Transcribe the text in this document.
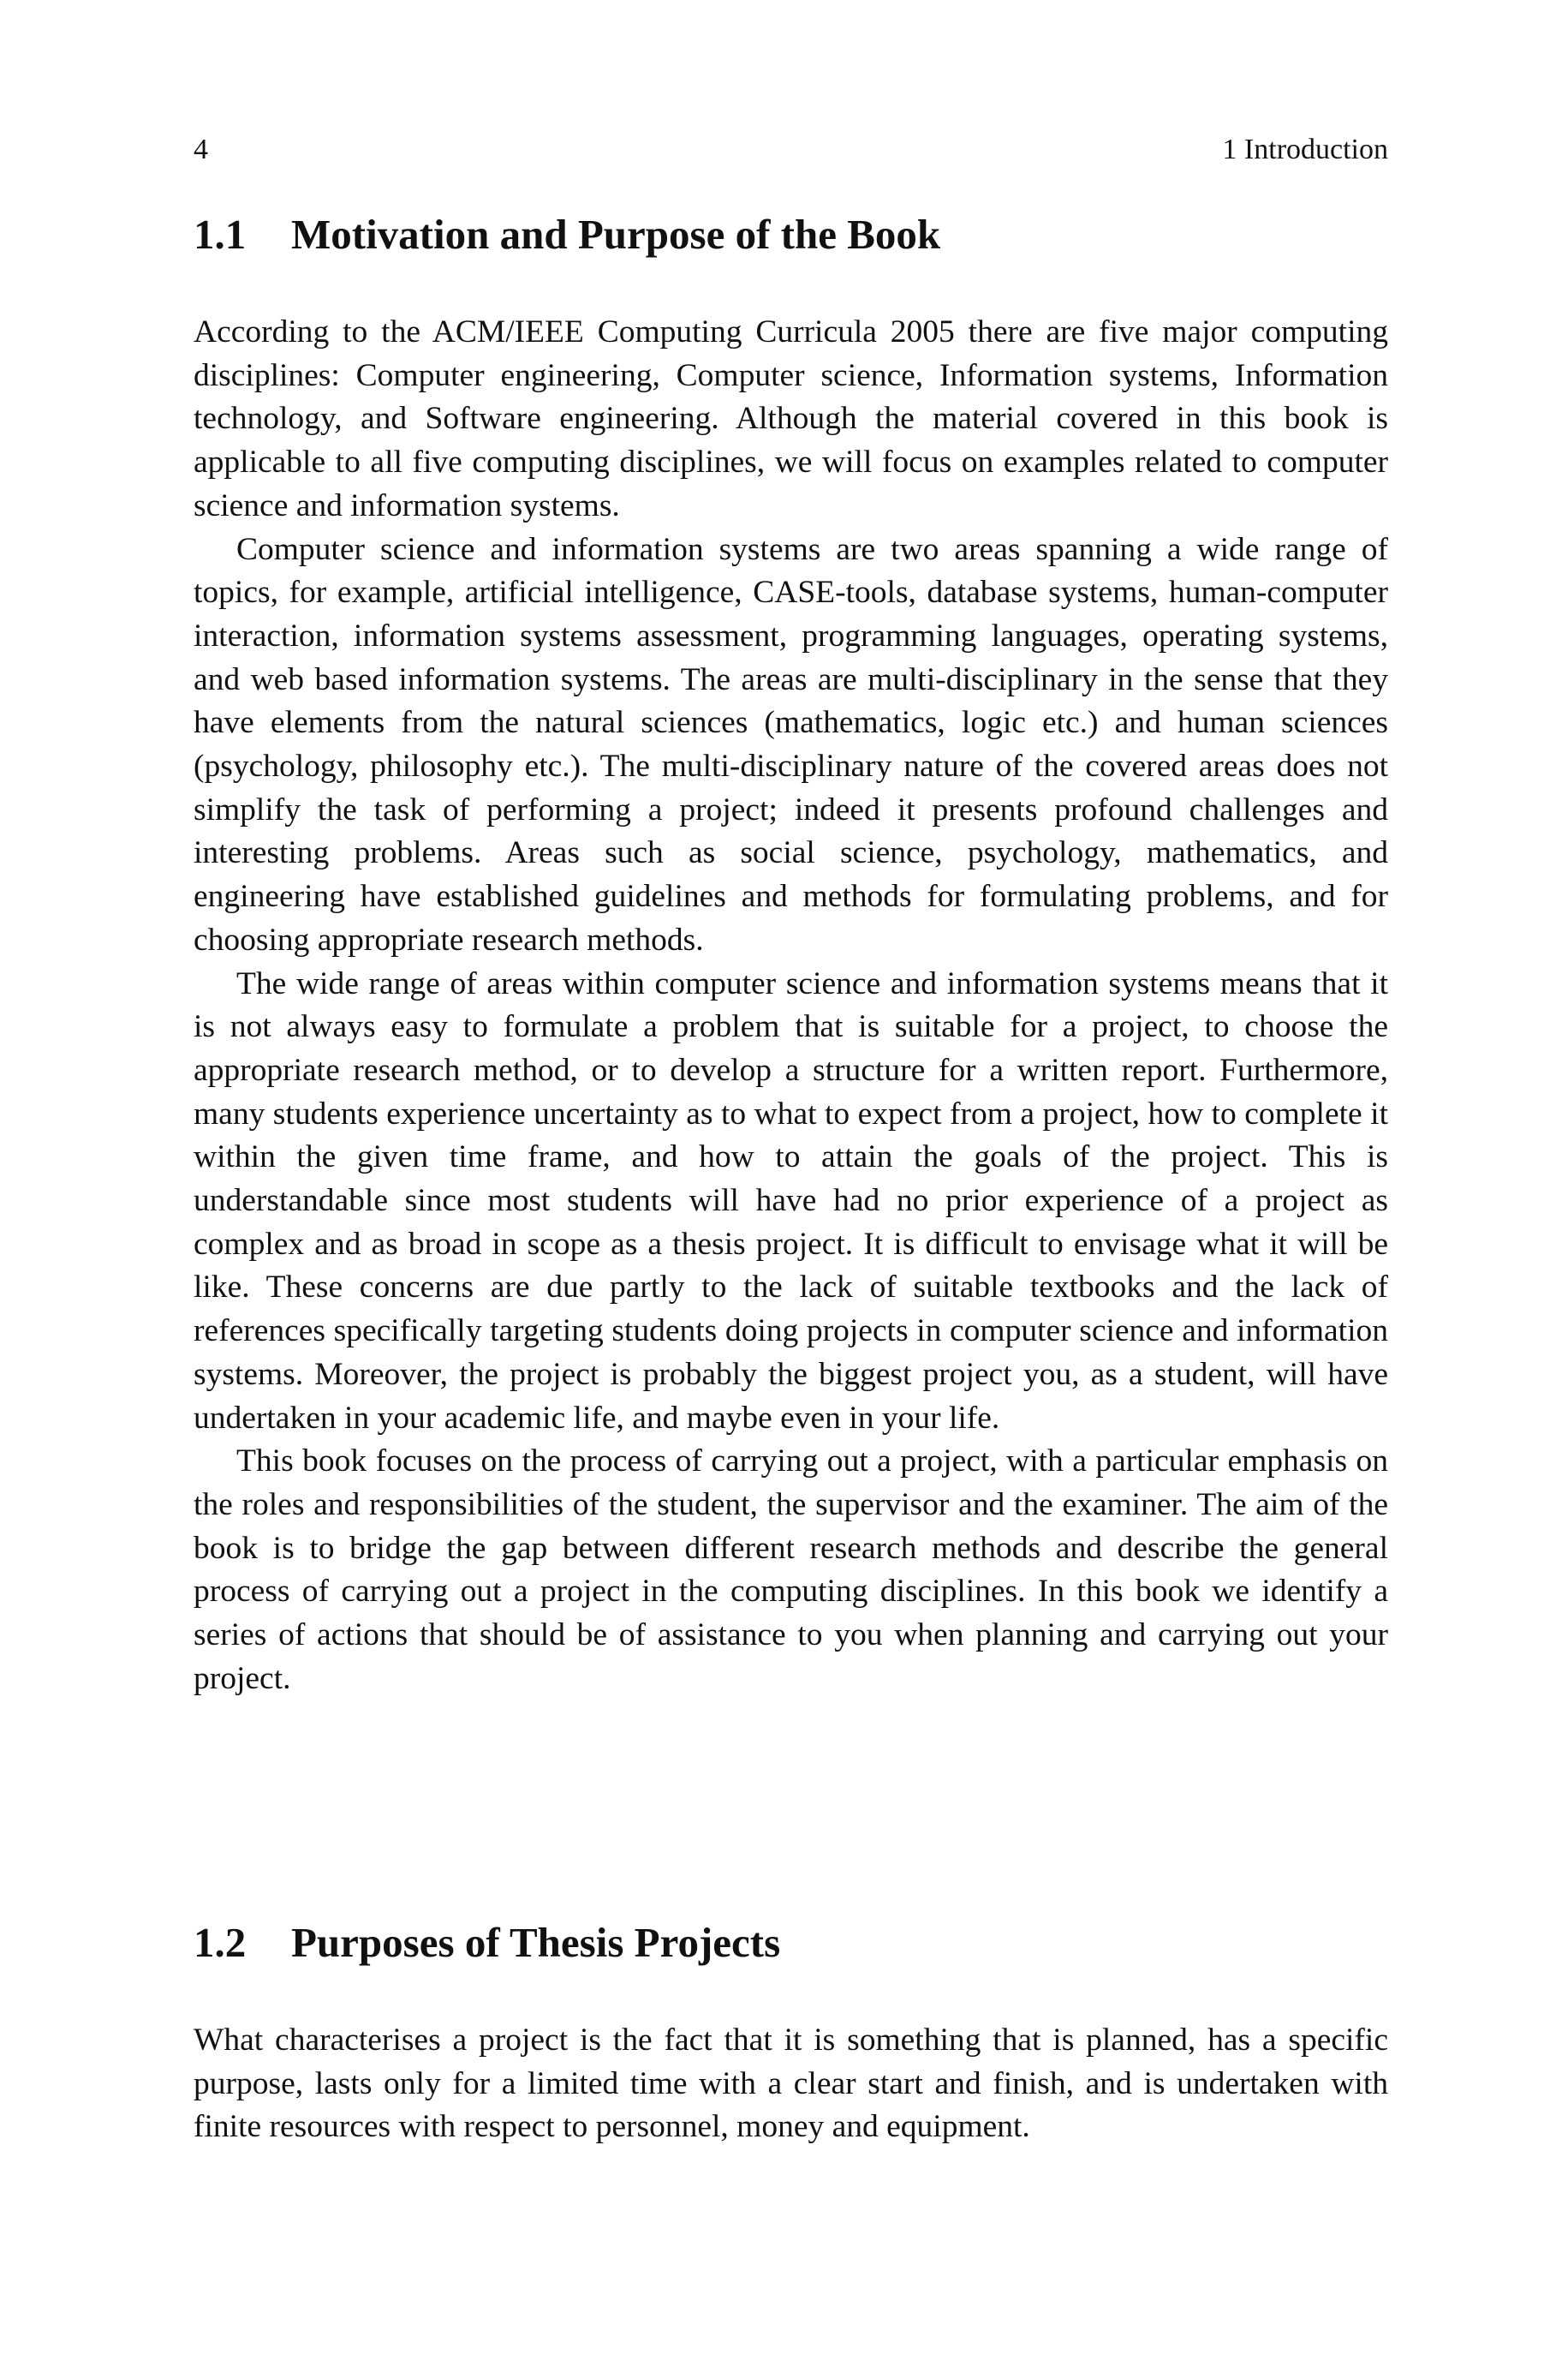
4	1 Introduction
1.1 Motivation and Purpose of the Book

According to the ACM/IEEE Computing Curricula 2005 there are five major computing disciplines: Computer engineering, Computer science, Information systems, Information technology, and Software engineering. Although the material covered in this book is applicable to all five computing disciplines, we will focus on examples related to computer science and information systems.

Computer science and information systems are two areas spanning a wide range of topics, for example, artificial intelligence, CASE-tools, database systems, human-computer interaction, information systems assessment, programming languages, operating systems, and web based information systems. The areas are multi-disciplinary in the sense that they have elements from the natural sciences (mathematics, logic etc.) and human sciences (psychology, philosophy etc.). The multi-disciplinary nature of the covered areas does not simplify the task of performing a project; indeed it presents profound challenges and interesting problems. Areas such as social science, psychology, mathematics, and engineering have established guidelines and methods for formulating problems, and for choosing appropriate research methods.

The wide range of areas within computer science and information systems means that it is not always easy to formulate a problem that is suitable for a project, to choose the appropriate research method, or to develop a structure for a written report. Furthermore, many students experience uncertainty as to what to expect from a project, how to complete it within the given time frame, and how to attain the goals of the project. This is understandable since most students will have had no prior experience of a project as complex and as broad in scope as a thesis project. It is difficult to envisage what it will be like. These concerns are due partly to the lack of suitable textbooks and the lack of references specifically targeting students doing projects in computer science and information systems. Moreover, the project is probably the biggest project you, as a student, will have undertaken in your academic life, and maybe even in your life.

This book focuses on the process of carrying out a project, with a particular emphasis on the roles and responsibilities of the student, the supervisor and the examiner. The aim of the book is to bridge the gap between different research methods and describe the general process of carrying out a project in the computing disciplines. In this book we identify a series of actions that should be of assistance to you when planning and carrying out your project.

1.2 Purposes of Thesis Projects

What characterises a project is the fact that it is something that is planned, has a specific purpose, lasts only for a limited time with a clear start and finish, and is undertaken with finite resources with respect to personnel, money and equipment.
